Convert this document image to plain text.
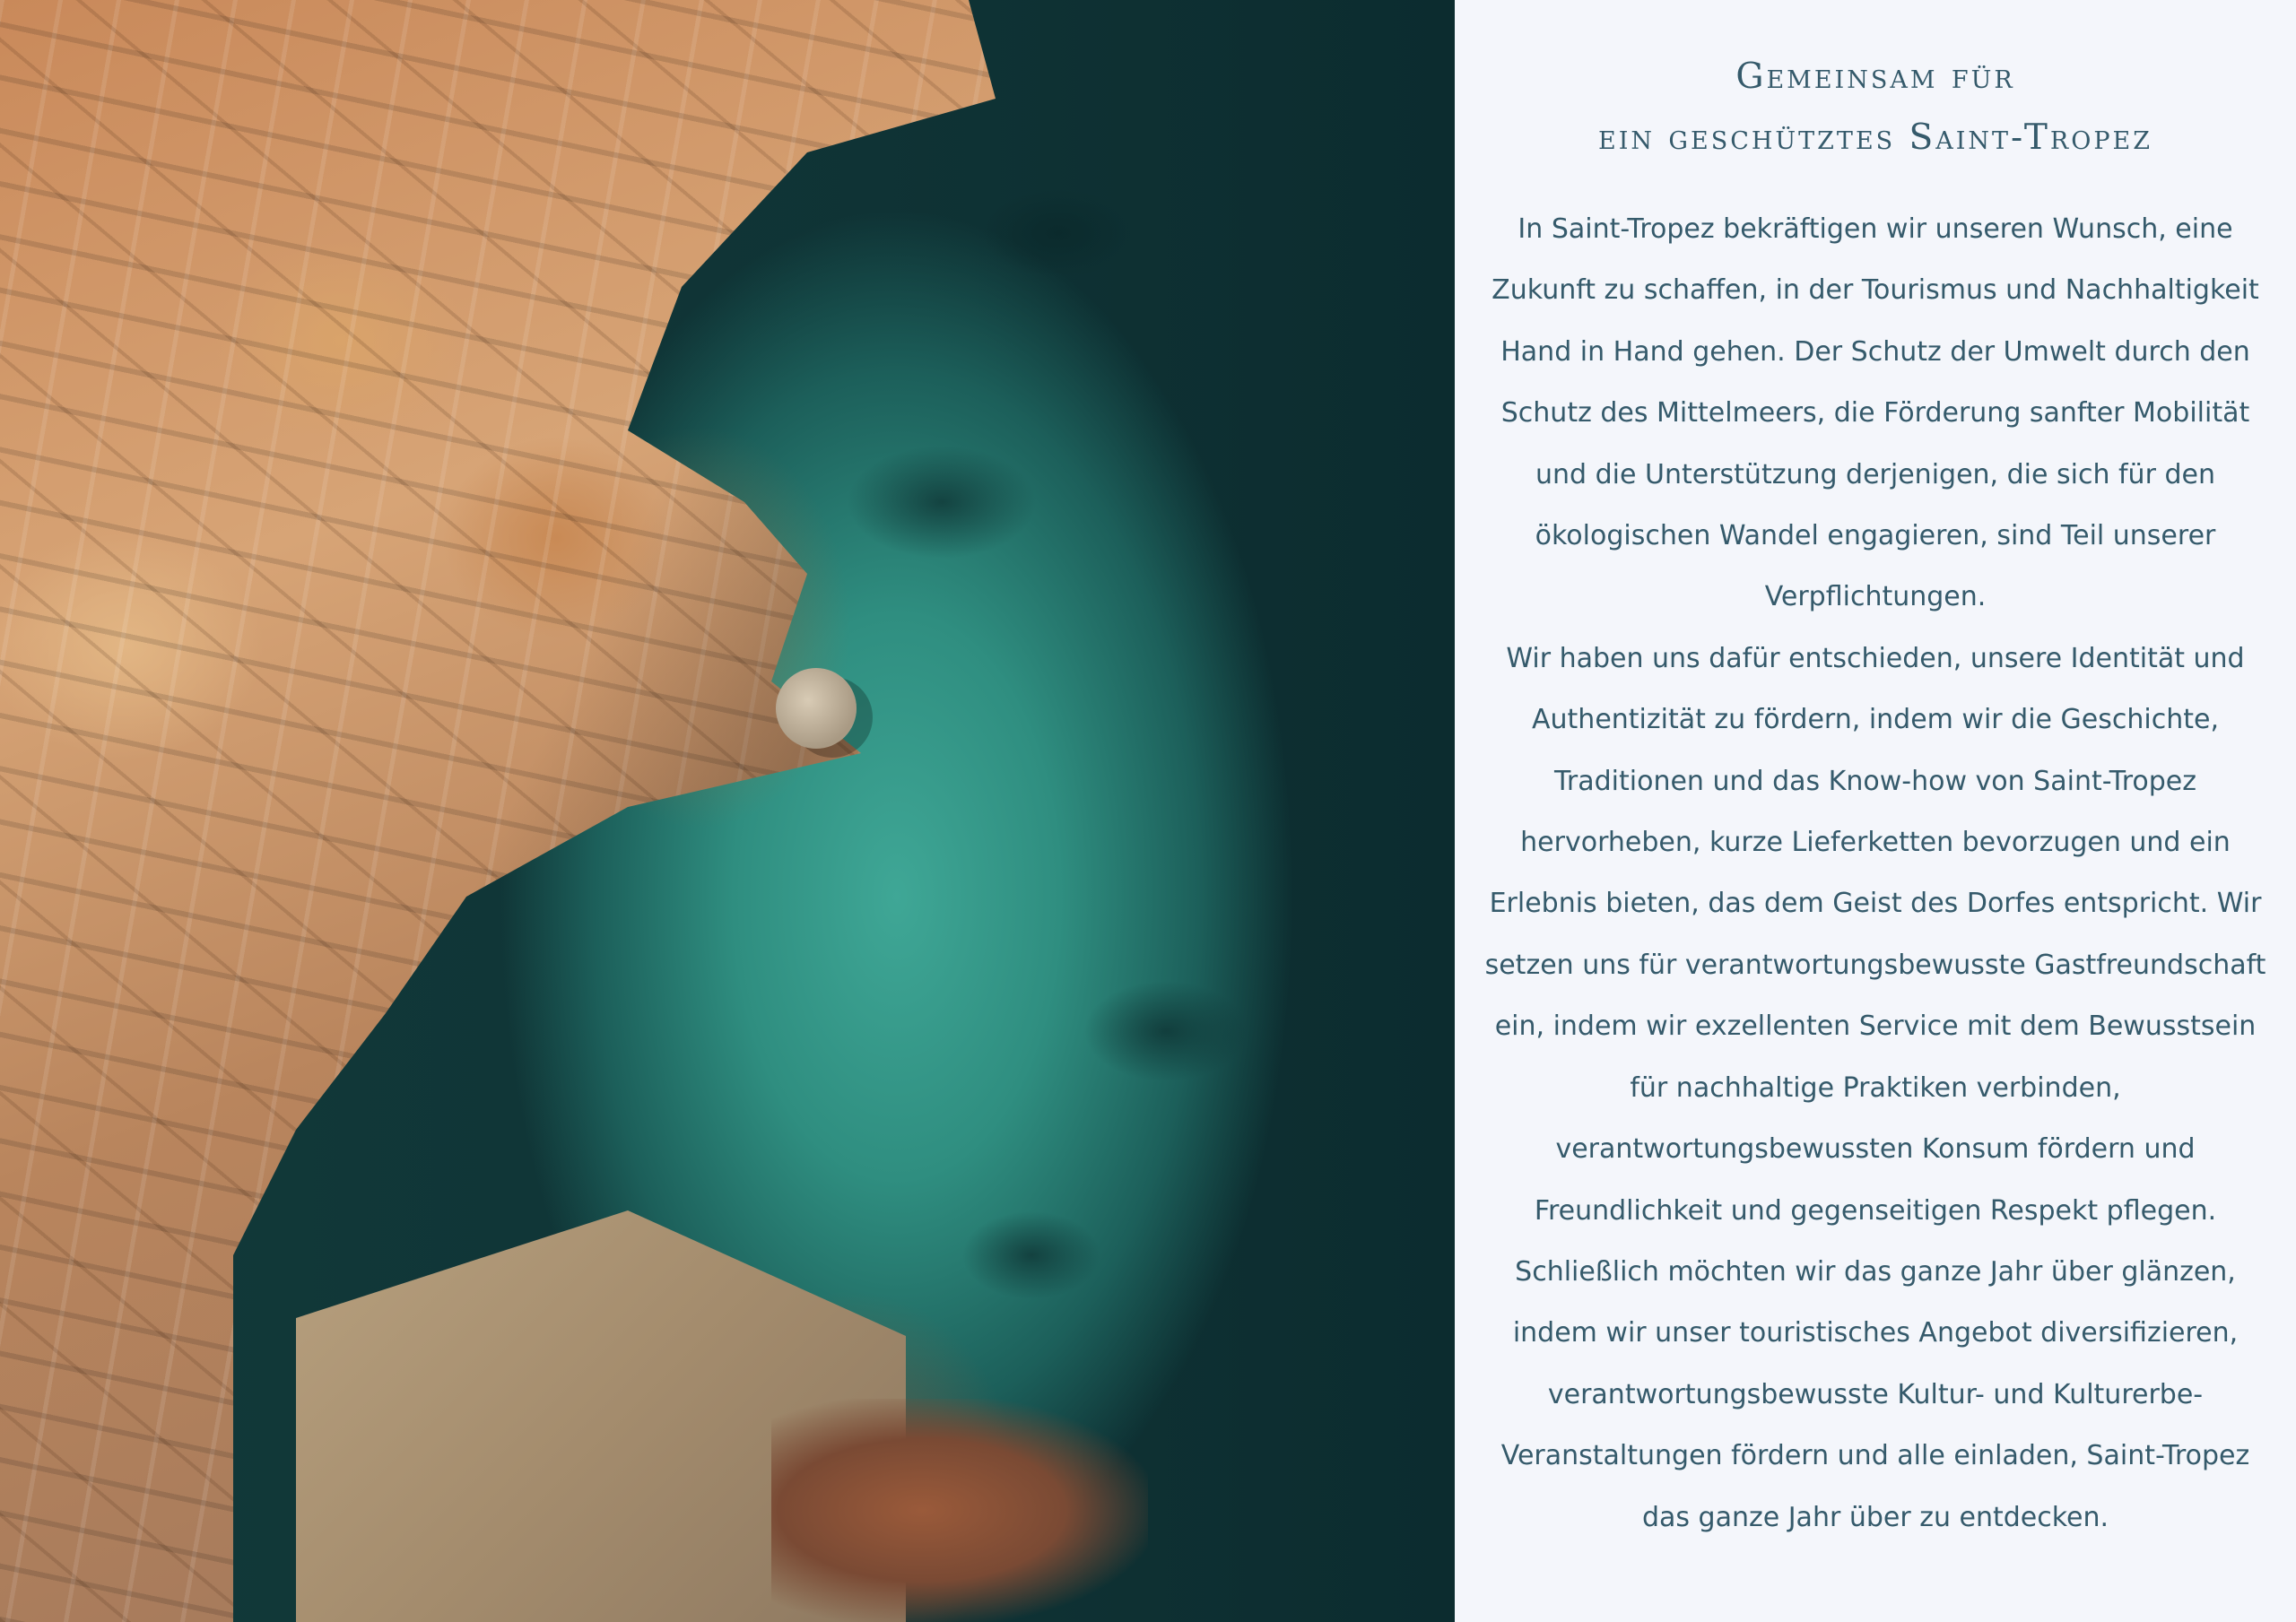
Gemeinsam für
ein geschütztes Saint-Tropez
In Saint-Tropez bekräftigen wir unseren Wunsch, eine
Zukunft zu schaffen, in der Tourismus und Nachhaltigkeit
Hand in Hand gehen. Der Schutz der Umwelt durch den
Schutz des Mittelmeers, die Förderung sanfter Mobilität
und die Unterstützung derjenigen, die sich für den
ökologischen Wandel engagieren, sind Teil unserer
Verpflichtungen.
Wir haben uns dafür entschieden, unsere Identität und
Authentizität zu fördern, indem wir die Geschichte,
Traditionen und das Know-how von Saint-Tropez
hervorheben, kurze Lieferketten bevorzugen und ein
Erlebnis bieten, das dem Geist des Dorfes entspricht. Wir
setzen uns für verantwortungsbewusste Gastfreundschaft
ein, indem wir exzellenten Service mit dem Bewusstsein
für nachhaltige Praktiken verbinden,
verantwortungsbewussten Konsum fördern und
Freundlichkeit und gegenseitigen Respekt pflegen.
Schließlich möchten wir das ganze Jahr über glänzen,
indem wir unser touristisches Angebot diversifizieren,
verantwortungsbewusste Kultur- und Kulturerbe-
Veranstaltungen fördern und alle einladen, Saint-Tropez
das ganze Jahr über zu entdecken.
